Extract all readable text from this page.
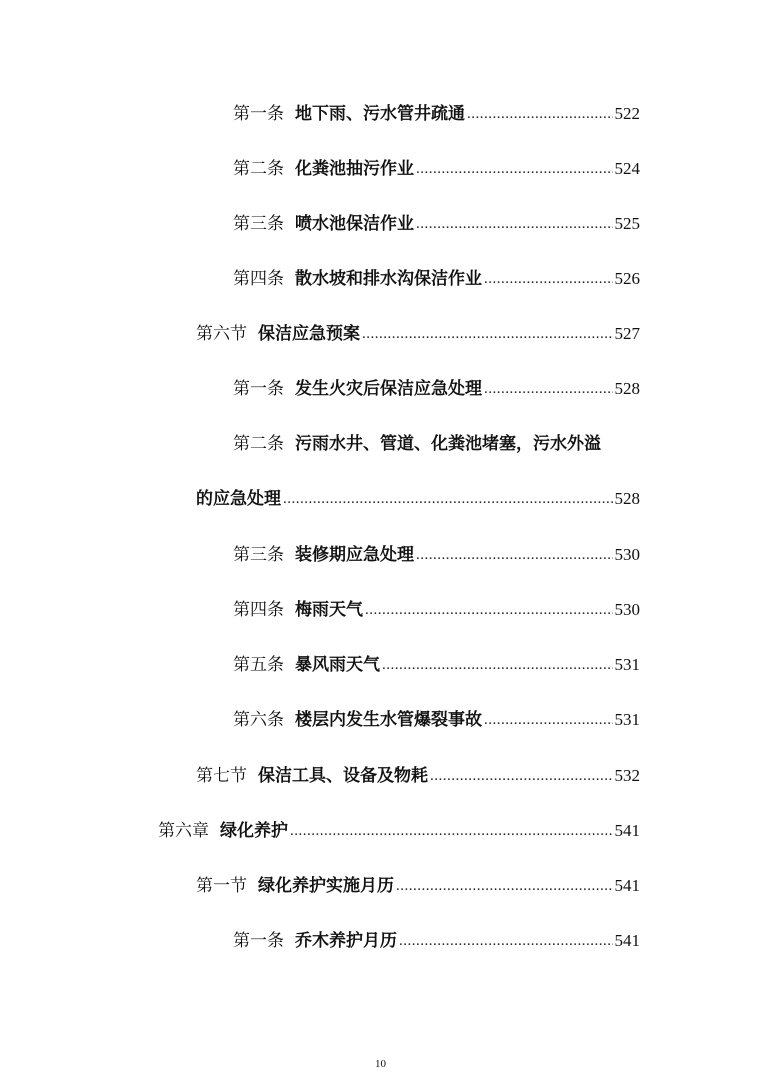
第一条 地下雨、污水管井疏通 .....	522
第二条 化粪池抽污作业 .....	524
第三条 喷水池保洁作业 .....	525
第四条 散水坡和排水沟保洁作业 .....	526
第六节 保洁应急预案 .....	527
第一条 发生火灾后保洁应急处理 .....	528
第二条 污雨水井、管道、化粪池堵塞，污水外溢
的应急处理 .....	528
第三条 装修期应急处理 .....	530
第四条 梅雨天气 .....	530
第五条 暴风雨天气 .....	531
第六条 楼层内发生水管爆裂事故 .....	531
第七节 保洁工具、设备及物耗 .....	532
第六章 绿化养护 .....	541
第一节 绿化养护实施月历 .....	541
第一条 乔木养护月历 .....	541
10
